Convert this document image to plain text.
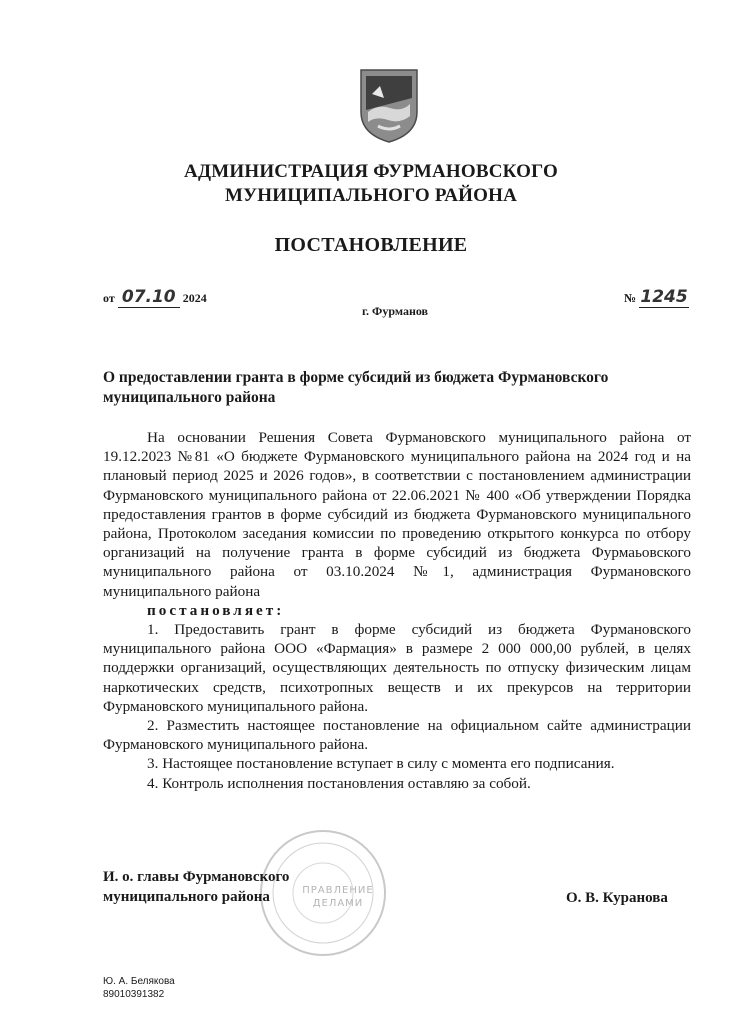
АДМИНИСТРАЦИЯ ФУРМАНОВСКОГО
МУНИЦИПАЛЬНОГО РАЙОНА
ПОСТАНОВЛЕНИЕ
от 07.10 2024	№ 1245
г. Фурманов
О предоставлении гранта в форме субсидий из бюджета Фурмановского муниципального района

На основании Решения Совета Фурмановского муниципального района от 19.12.2023 №81 «О бюджете Фурмановского муниципального района на 2024 год и на плановый период 2025 и 2026 годов», в соответствии с постановлением администрации Фурмановского муниципального района от 22.06.2021 № 400 «Об утверждении Порядка предоставления грантов в форме субсидий из бюджета Фурмановского муниципального района, Протоколом заседания комиссии по проведению открытого конкурса по отбору организаций на получение гранта в форме субсидий из бюджета Фурмаьовского муниципального района от 03.10.2024 №1, администрация Фурмановского муниципального района

постановляет:

1. Предоставить грант в форме субсидий из бюджета Фурмановского муниципального района ООО «Фармация» в размере 2 000 000,00 рублей, в целях поддержки организаций, осуществляющих деятельность по отпуску физическим лицам наркотических средств, психотропных веществ и их прекурсов на территории Фурмановского муниципального района.

2. Разместить настоящее постановление на официальном сайте администрации Фурмановского муниципального района.

3. Настоящее постановление вступает в силу с момента его подписания.

4. Контроль исполнения постановления оставляю за собой.

ПРАВЛЕНИЕ
ДЕЛАМИ
И. о. главы Фурмановского
муниципального района	О. В. Куранова
Ю. А. Белякова
89010391382
